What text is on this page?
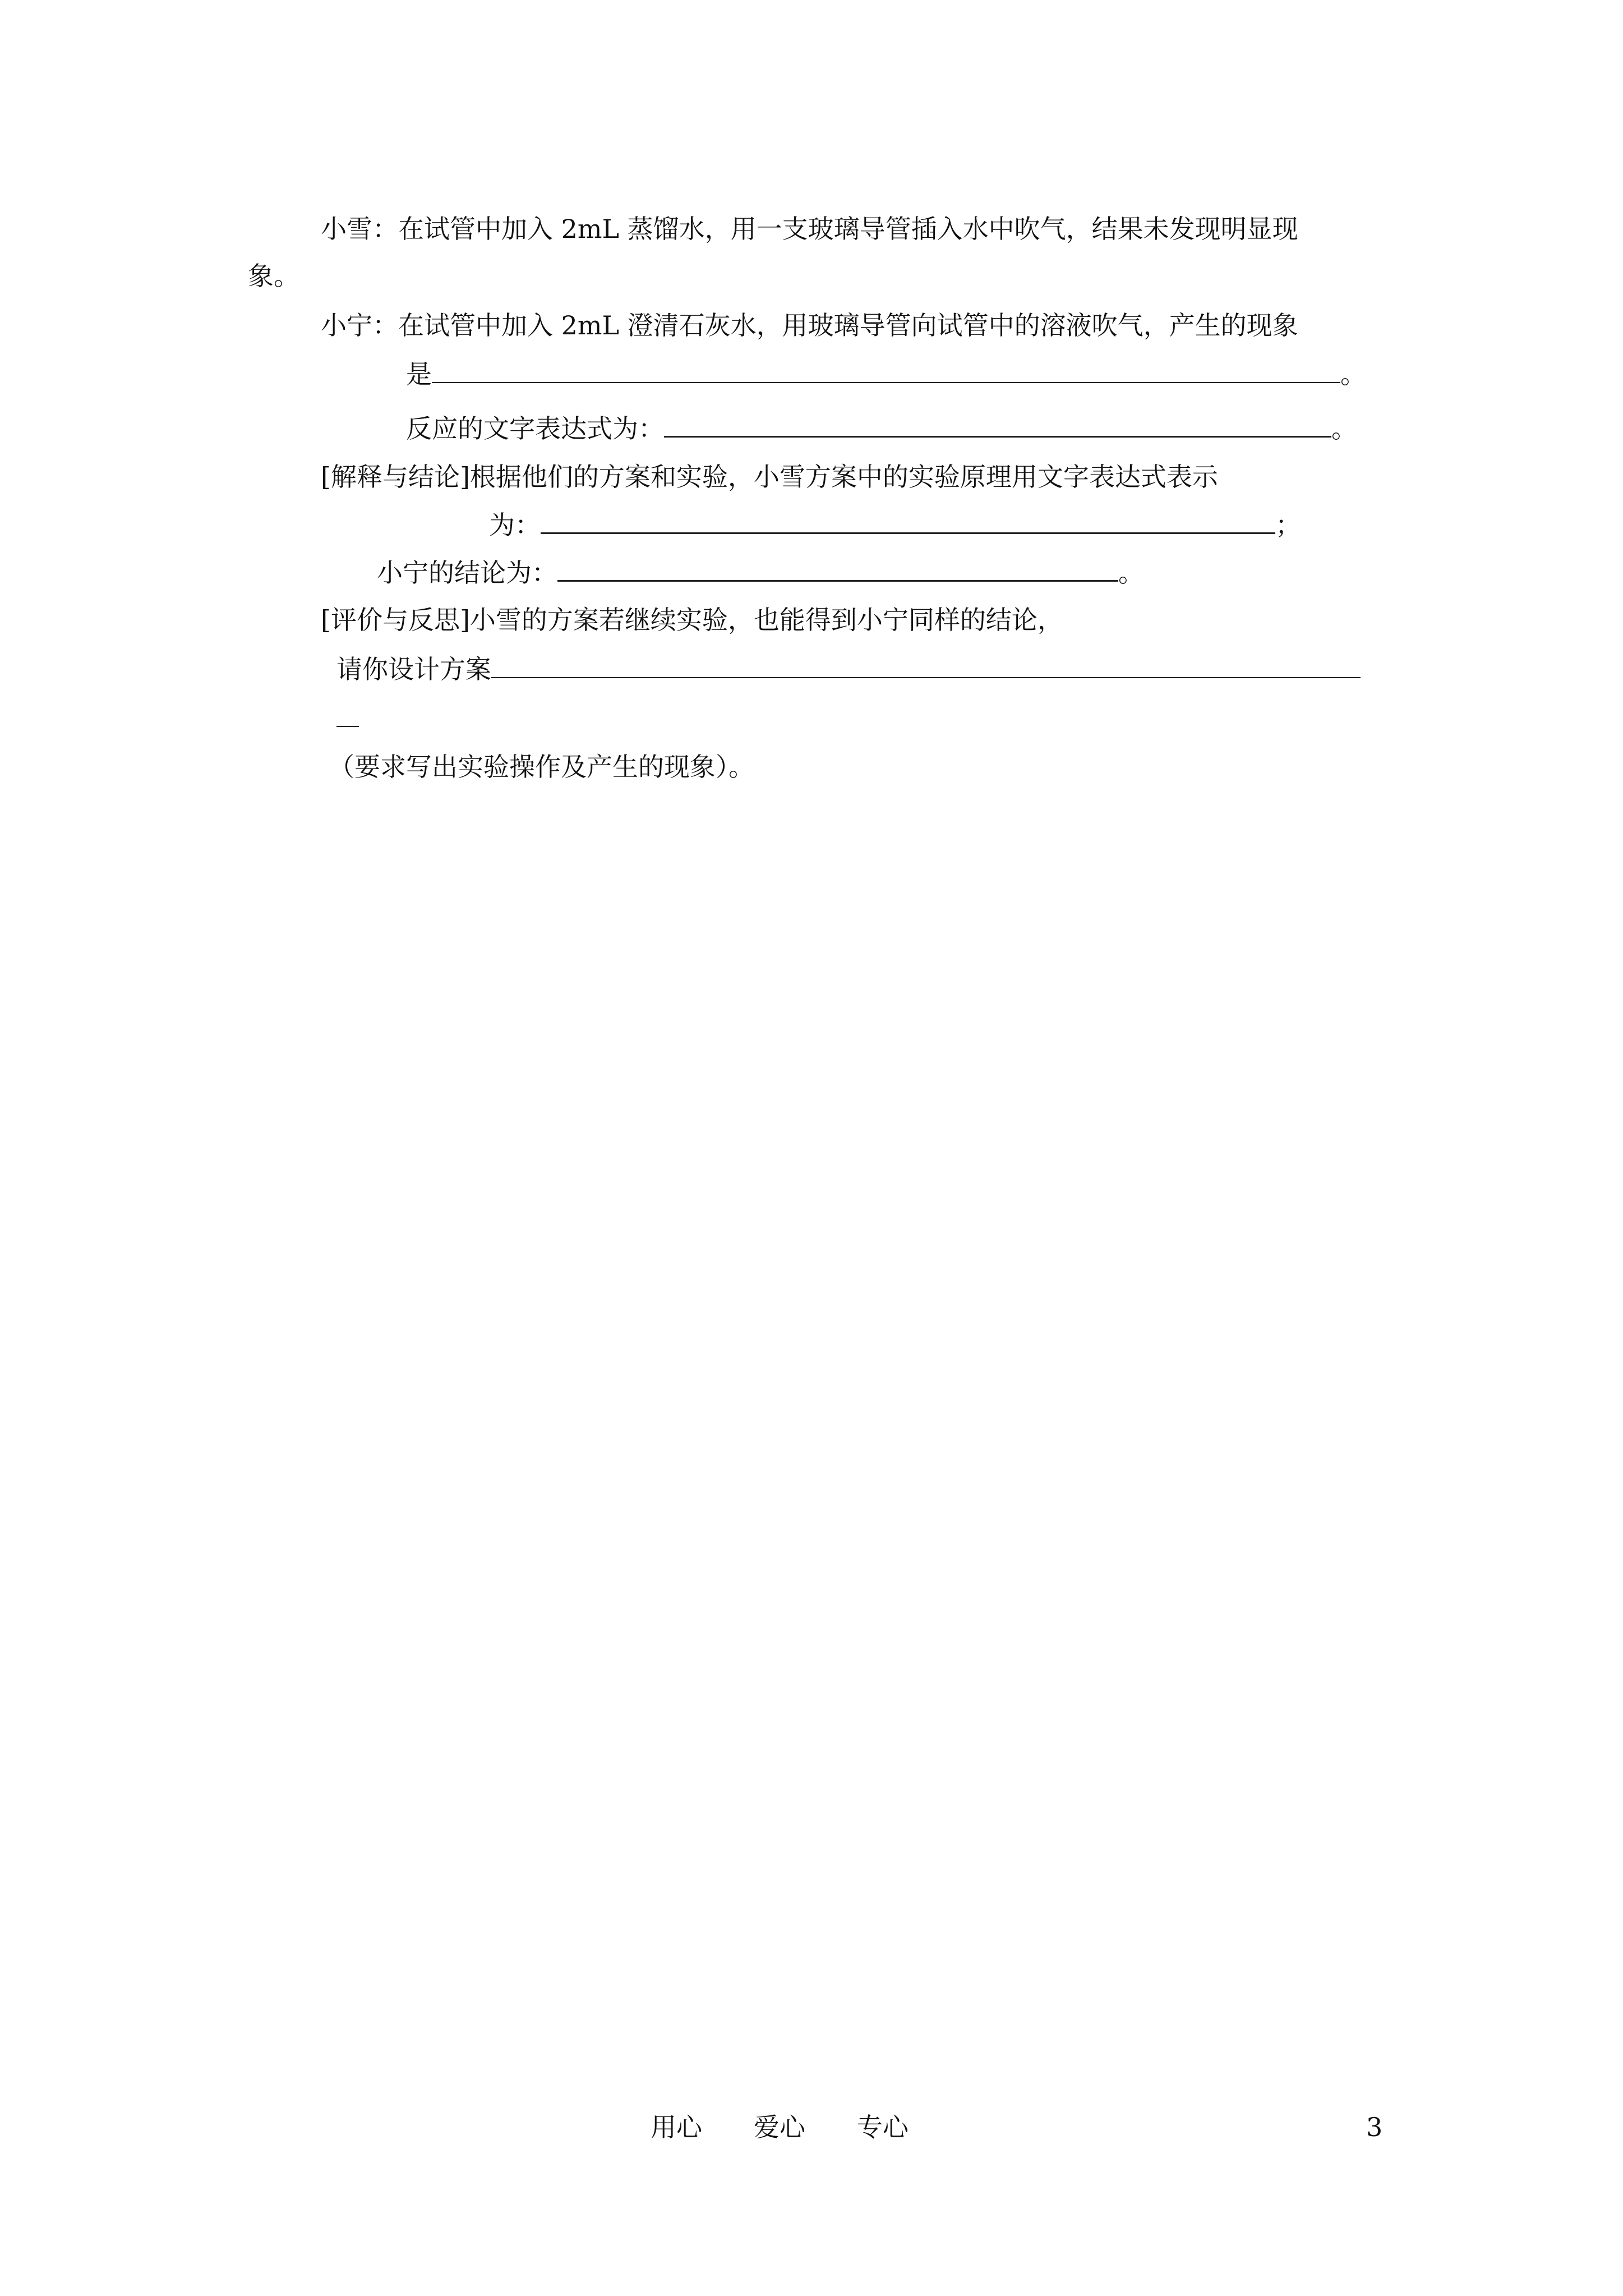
小雪：在试管中加入 2mL 蒸馏水，用一支玻璃导管插入水中吹气，结果未发现明显现
象。
小宁：在试管中加入 2mL 澄清石灰水，用玻璃导管向试管中的溶液吹气，产生的现象
是	。
反应的文字表达式为：	。
[解释与结论]根据他们的方案和实验，小雪方案中的实验原理用文字表达式表示
为：	；
小宁的结论为：	。
[评价与反思]小雪的方案若继续实验，也能得到小宁同样的结论，
请你设计方案
（要求写出实验操作及产生的现象）。
用心　　爱心　　专心	3
